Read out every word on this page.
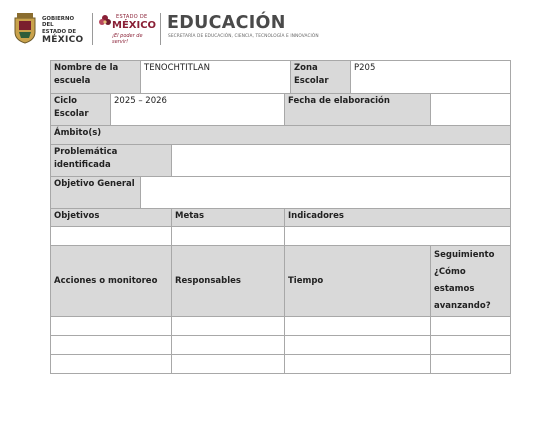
GOBIERNO DEL
ESTADO DE
MÉXICO
ESTADO DE
MÉXICO
¡El poder de servir!
EDUCACIÓN
SECRETARÍA DE EDUCACIÓN, CIENCIA, TECNOLOGÍA E INNOVACIÓN
Nombre de la escuela		TENOCHTITLAN			Zona Escolar	P205	
Ciclo Escolar	2025 – 2026			Fecha de elaboración			
Ámbito(s)							
Problemática identificada							
Objetivo General							
Objetivos			Metas	Indicadores			

Acciones o monitoreo			Responsables	Tiempo			Seguimiento ¿Cómo estamos avanzando?
